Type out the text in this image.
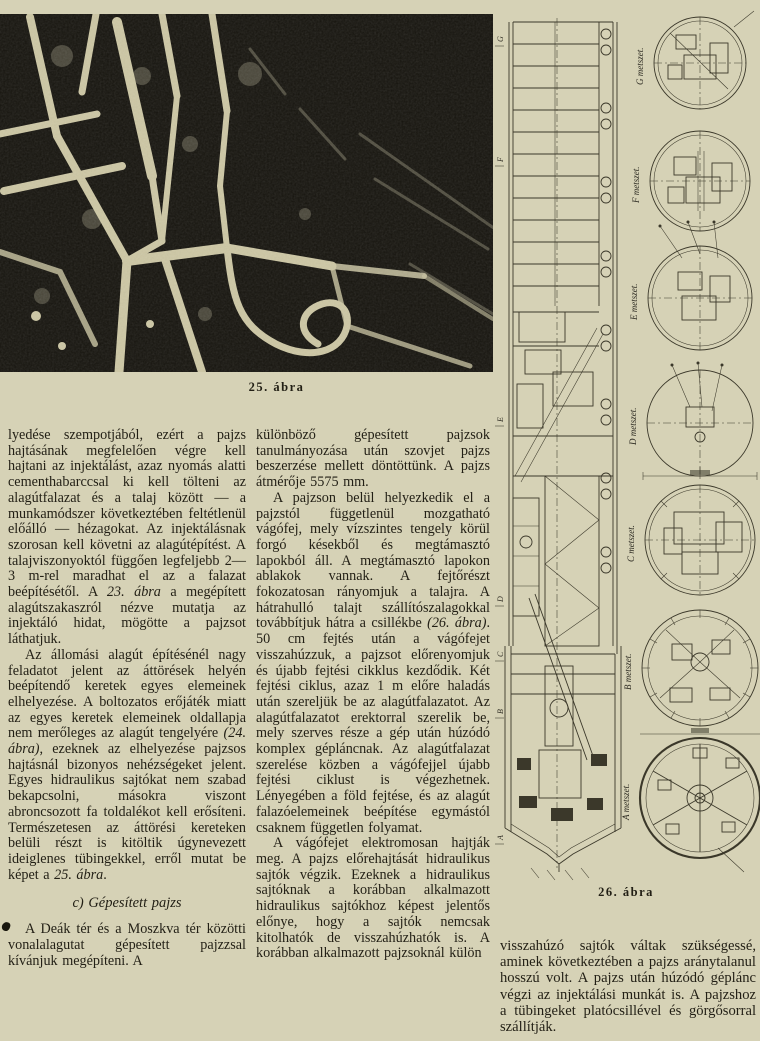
25. ábra
G
F
E
D
C
B
A
G metszet.
F metszet.
E metszet.
D metszet.
C metszet.
B metszet.
A metszet.
26. ábra

lyedése szempotjából, ezért a pajzs hajtásának megfelelően végre kell hajtani az injektálást, azaz nyomás alatti cementhabarccsal ki kell tölteni az alagútfalazat és a talaj között — a munkamódszer következtében feltétlenül előálló — hézagokat. Az injektálásnak szorosan kell követni az alagútépítést. A talajviszonyoktól függően legfeljebb 2—3 m-rel maradhat el az a falazat beépítésétől. A 23. ábra a megépített alagútszakaszról nézve mutatja az injektáló hidat, mögötte a pajzsot láthatjuk.

Az állomási alagút építésénél nagy feladatot jelent az áttörések helyén beépítendő keretek egyes elemeinek elhelyezése. A boltozatos erőjáték miatt az egyes keretek elemeinek oldallapja nem merőleges az alagút tengelyére (24. ábra), ezeknek az elhelyezése pajzsos hajtásnál bizonyos nehézségeket jelent. Egyes hidraulikus sajtókat nem szabad bekapcsolni, másokra viszont abroncsozott fa toldalékot kell erősíteni. Természetesen az áttörési kereteken belüli részt is kitöltik úgynevezett ideiglenes tübingekkel, erről mutat be képet a 25. ábra.

c) Gépesített pajzs

A Deák tér és a Moszkva tér közötti vonalalagutat gépesített pajzzsal kívánjuk megépíteni. A

különböző gépesített pajzsok tanulmányozása után szovjet pajzs beszerzése mellett döntöttünk. A pajzs átmérője 5575 mm.

A pajzson belül helyezkedik el a pajzstól függetlenül mozgatható vágófej, mely vízszintes tengely körül forgó késekből és megtámasztó lapokból áll. A megtámasztó lapokon ablakok vannak. A fejtőrészt fokozatosan rányomjuk a talajra. A hátrahulló talajt szállítószalagokkal továbbítjuk hátra a csillékbe (26. ábra). 50 cm fejtés után a vágófejet visszahúzzuk, a pajzsot előrenyomjuk és újabb fejtési cikklus kezdődik. Két fejtési ciklus, azaz 1 m előre haladás után szereljük be az alagútfalazatot. Az alagútfalazatot erektorral szerelik be, mely szerves része a gép után húzódó komplex gépláncnak. Az alagútfalazat szerelése közben a vágófejjel újabb fejtési ciklust is végezhetnek. Lényegében a föld fejtése, és az alagút falazóelemeinek beépítése egymástól csaknem független folyamat.

A vágófejet elektromosan hajtják meg. A pajzs előrehajtását hidraulikus sajtók végzik. Ezeknek a hidraulikus sajtóknak a korábban alkalmazott hidraulikus sajtókhoz képest jelentős előnye, hogy a sajtók nemcsak kitolhatók de visszahúzhatók is. A korábban alkalmazott pajzsoknál külön	visszahúzó sajtók váltak szükségessé, aminek következtében a pajzs aránytalanul hosszú volt. A pajzs után húzódó géplánc végzi az injektálási munkát is. A pajzshoz a tübingeket platócsillével és görgősorral szállítják.
